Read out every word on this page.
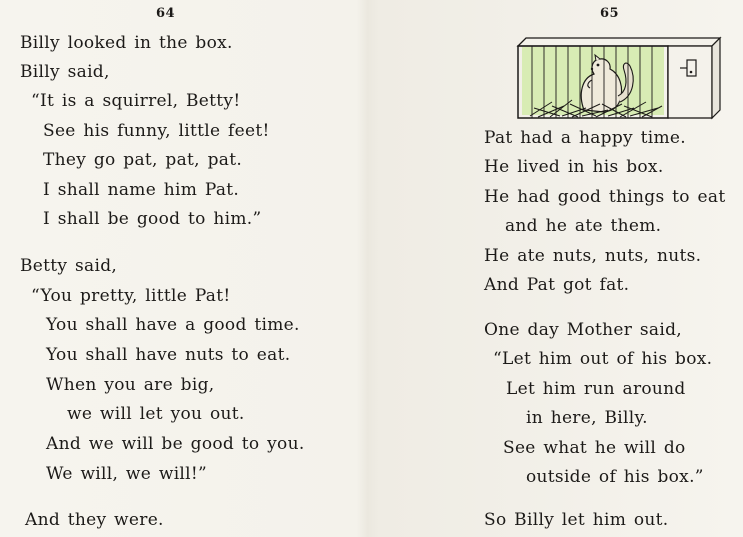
64
Billy looked in the box.
Billy said,
“It is a squirrel, Betty!
See his funny, little feet!
They go pat, pat, pat.
I shall name him Pat.
I shall be good to him.”
Betty said,
“You pretty, little Pat!
You shall have a good time.
You shall have nuts to eat.
When you are big,
we will let you out.
And we will be good to you.
We will, we will!”
And they were.
65
Pat had a happy time.
He lived in his box.
He had good things to eat
and he ate them.
He ate nuts, nuts, nuts.
And Pat got fat.
One day Mother said,
“Let him out of his box.
Let him run around
in here, Billy.
See what he will do
outside of his box.”
So Billy let him out.
